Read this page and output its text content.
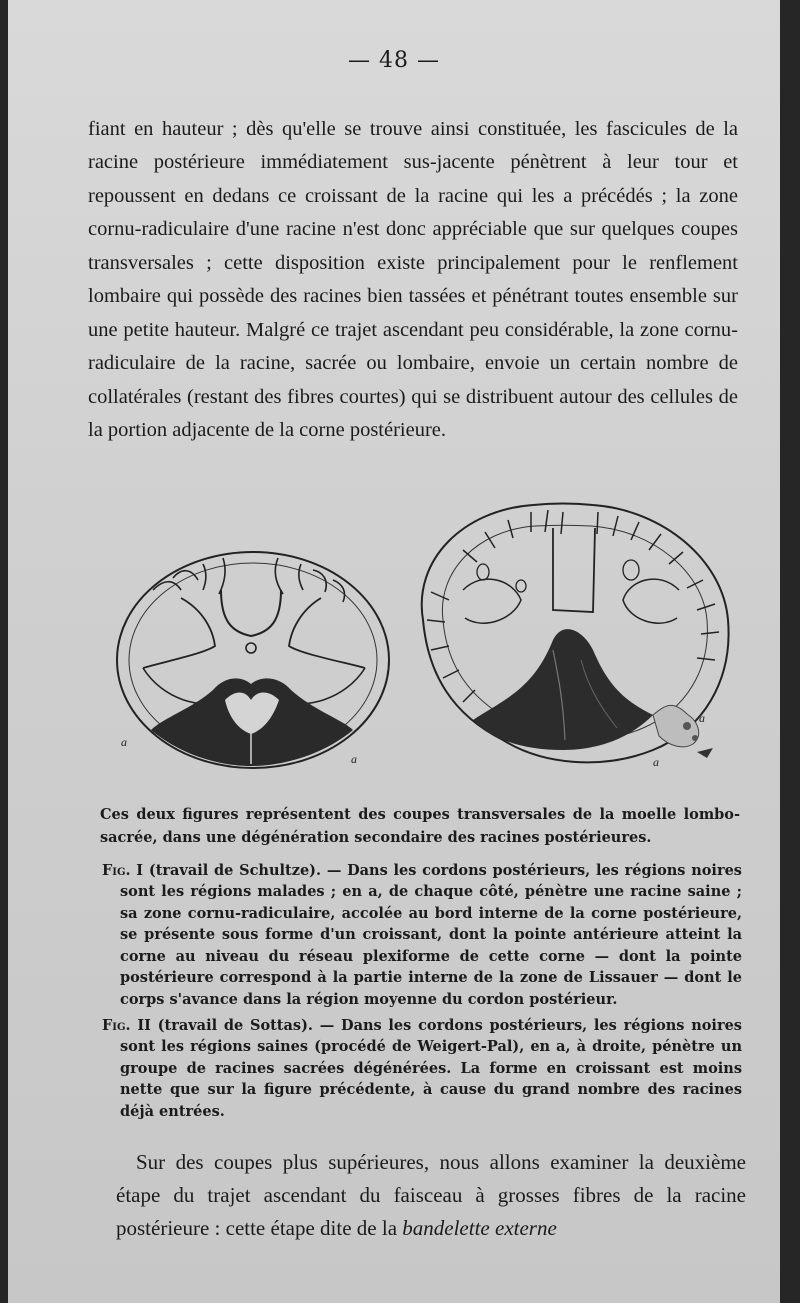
— 48 —

fiant en hauteur ; dès qu'elle se trouve ainsi constituée, les fascicules de la racine postérieure immédiatement sus-jacente pénètrent à leur tour et repoussent en dedans ce croissant de la racine qui les a précédés ; la zone cornu-radiculaire d'une racine n'est donc appréciable que sur quelques coupes transversales ; cette disposition existe principalement pour le renflement lombaire qui possède des racines bien tassées et pénétrant toutes ensemble sur une petite hauteur. Malgré ce trajet ascendant peu considérable, la zone cornu-radiculaire de la racine, sacrée ou lombaire, envoie un certain nombre de collatérales (restant des fibres courtes) qui se distribuent autour des cellules de la portion adjacente de la corne postérieure.

a
a
a
a

Ces deux figures représentent des coupes transversales de la moelle lombo-sacrée, dans une dégénération secondaire des racines postérieures.

Fig. I (travail de Schultze). — Dans les cordons postérieurs, les régions noires sont les régions malades ; en a, de chaque côté, pénètre une racine saine ; sa zone cornu-radiculaire, accolée au bord interne de la corne postérieure, se présente sous forme d'un croissant, dont la pointe antérieure atteint la corne au niveau du réseau plexiforme de cette corne — dont la pointe postérieure correspond à la partie interne de la zone de Lissauer — dont le corps s'avance dans la région moyenne du cordon postérieur.

Fig. II (travail de Sottas). — Dans les cordons postérieurs, les régions noires sont les régions saines (procédé de Weigert-Pal), en a, à droite, pénètre un groupe de racines sacrées dégénérées. La forme en croissant est moins nette que sur la figure précédente, à cause du grand nombre des racines déjà entrées.

Sur des coupes plus supérieures, nous allons examiner la deuxième étape du trajet ascendant du faisceau à grosses fibres de la racine postérieure : cette étape dite de la bandelette externe
